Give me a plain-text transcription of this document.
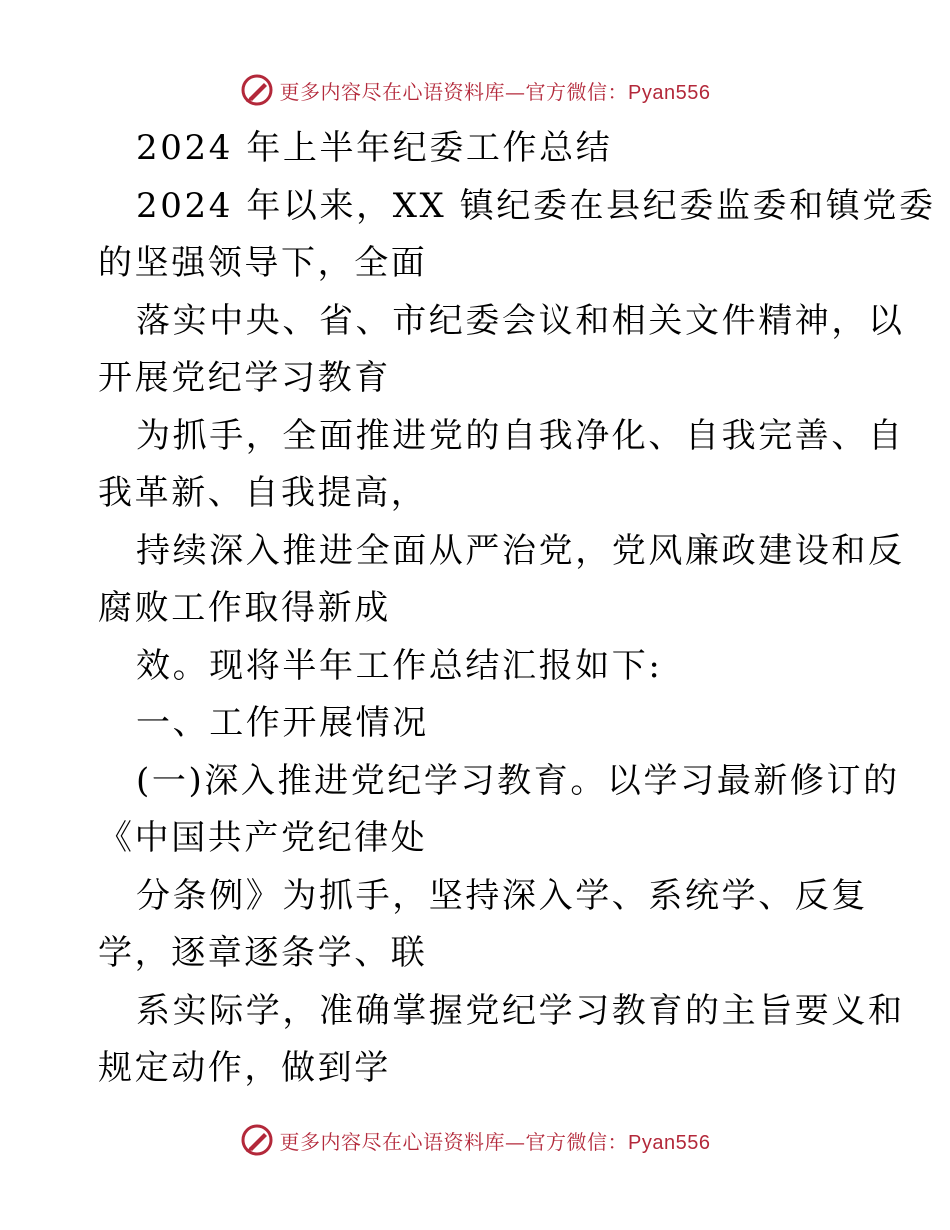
更多内容尽在心语资料库—官方微信：Pyan556
2024 年上半年纪委工作总结
2024 年以来，XX 镇纪委在县纪委监委和镇党委
的坚强领导下，全面
落实中央、省、市纪委会议和相关文件精神，以
开展党纪学习教育
为抓手，全面推进党的自我净化、自我完善、自
我革新、自我提高，
持续深入推进全面从严治党，党风廉政建设和反
腐败工作取得新成
效。现将半年工作总结汇报如下:
一、工作开展情况
(一)深入推进党纪学习教育。以学习最新修订的
《中国共产党纪律处
分条例》为抓手，坚持深入学、系统学、反复
学，逐章逐条学、联
系实际学，准确掌握党纪学习教育的主旨要义和
规定动作，做到学
更多内容尽在心语资料库—官方微信：Pyan556
